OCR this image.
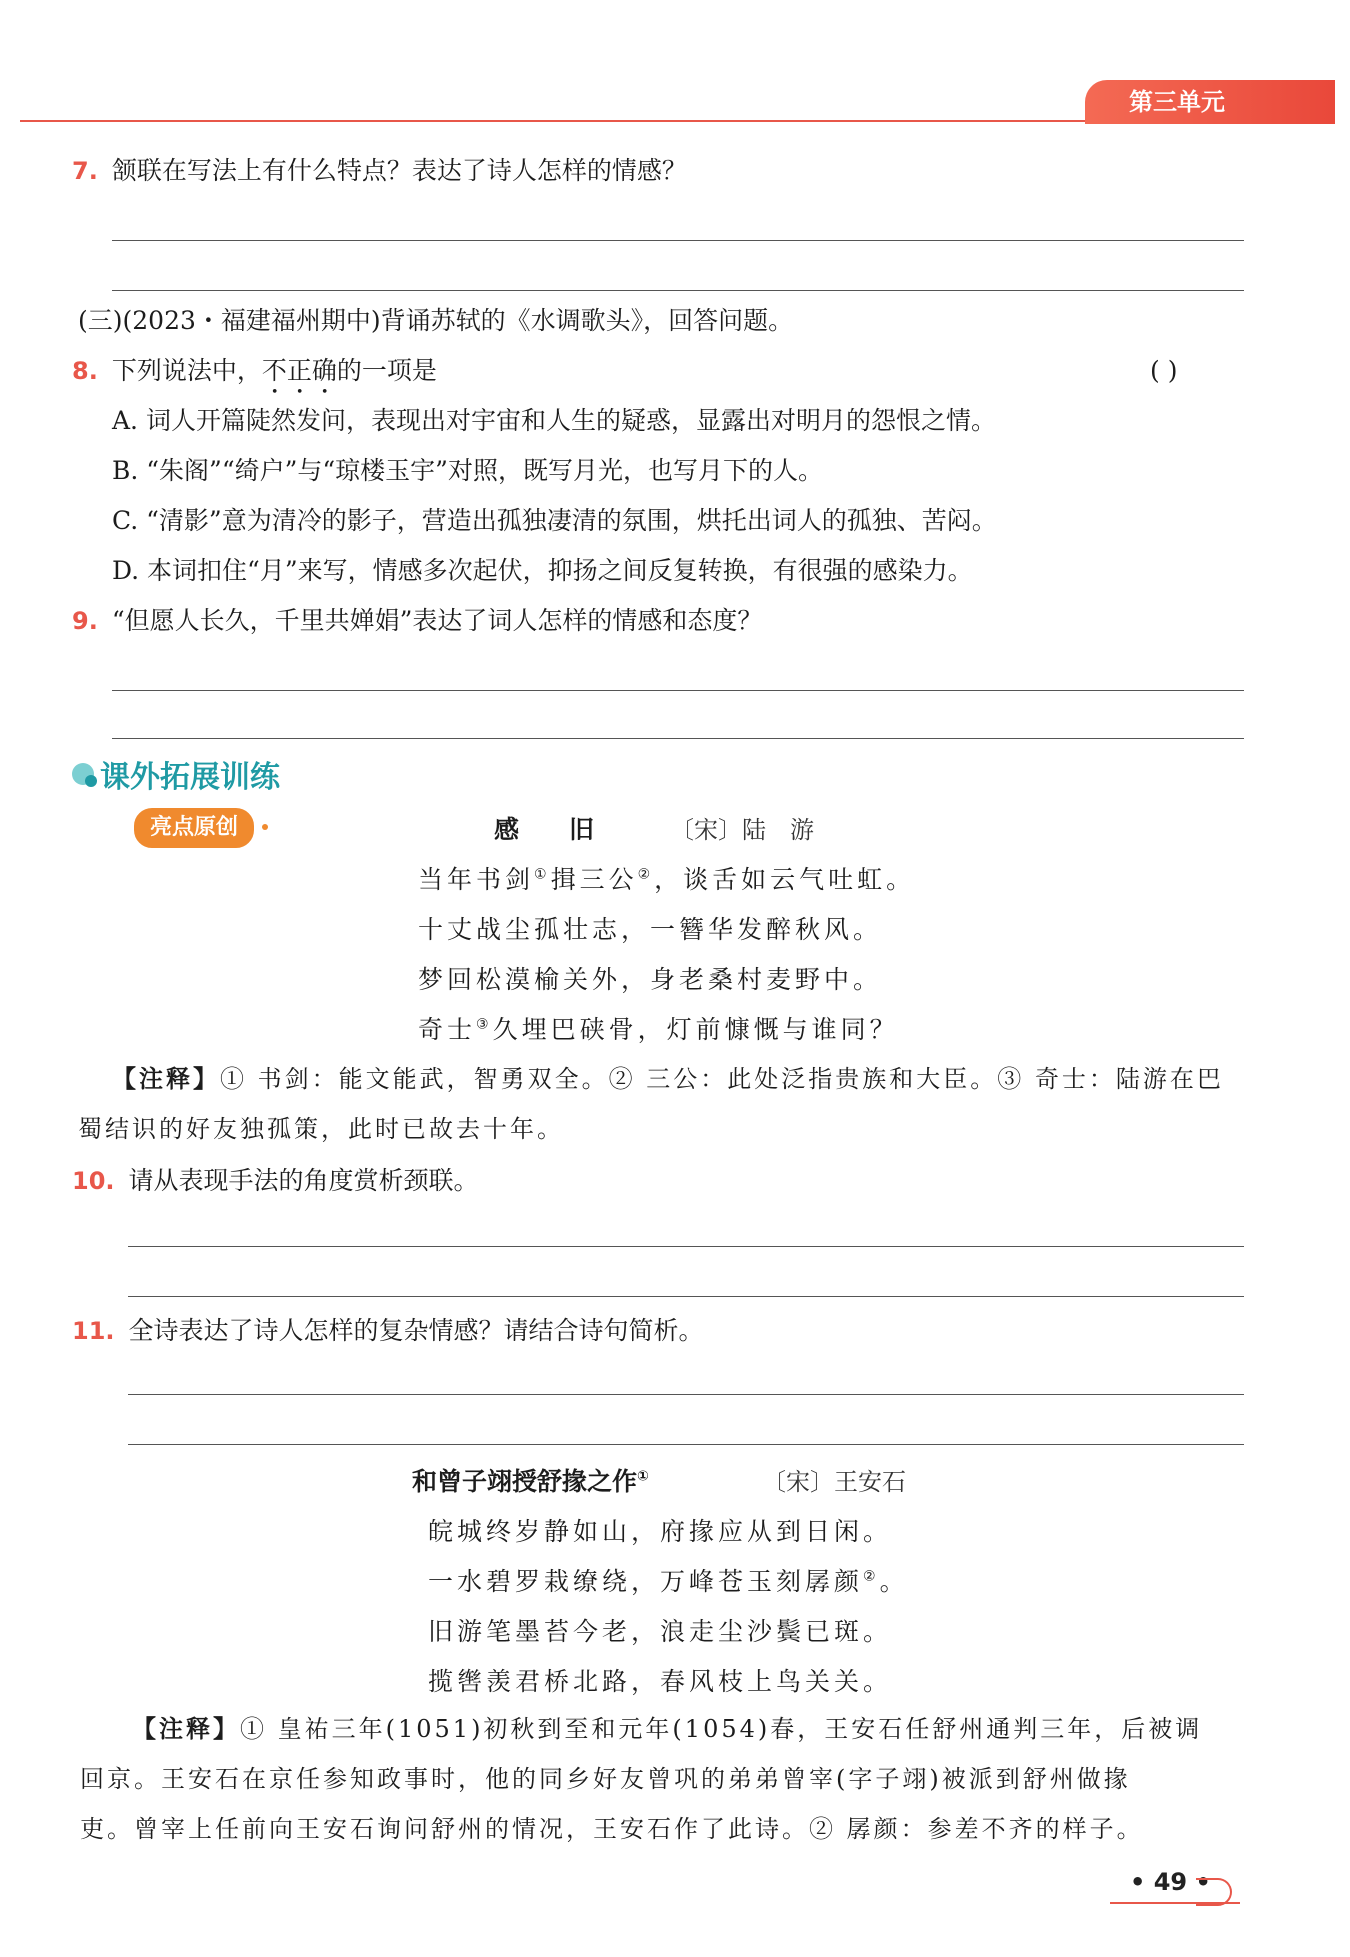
第三单元
7. 颔联在写法上有什么特点？表达了诗人怎样的情感？
(三)(2023・福建福州期中)背诵苏轼的《水调歌头》，回答问题。
8. 下列说法中，不正确的一项是	( )
A. 词人开篇陡然发问，表现出对宇宙和人生的疑惑，显露出对明月的怨恨之情。
B. “朱阁”“绮户”与“琼楼玉宇”对照，既写月光，也写月下的人。
C. “清影”意为清冷的影子，营造出孤独凄清的氛围，烘托出词人的孤独、苦闷。
D. 本词扣住“月”来写，情感多次起伏，抑扬之间反复转换，有很强的感染力。
9. “但愿人长久，千里共婵娟”表达了词人怎样的情感和态度？
课外拓展训练
亮点原创	感　　旧	〔宋〕陆　游
当年书剑①揖三公②，谈舌如云气吐虹。
十丈战尘孤壮志，一簪华发醉秋风。
梦回松漠榆关外，身老桑村麦野中。
奇士③久埋巴硖骨，灯前慷慨与谁同？
【注释】① 书剑：能文能武，智勇双全。② 三公：此处泛指贵族和大臣。③ 奇士：陆游在巴
蜀结识的好友独孤策，此时已故去十年。
10. 请从表现手法的角度赏析颈联。
11. 全诗表达了诗人怎样的复杂情感？请结合诗句简析。
和曾子翊授舒掾之作①	〔宋〕王安石
皖城终岁静如山，府掾应从到日闲。
一水碧罗栽缭绕，万峰苍玉刻孱颜②。
旧游笔墨苔今老，浪走尘沙鬓已斑。
揽辔羡君桥北路，春风枝上鸟关关。
【注释】① 皇祐三年(1051)初秋到至和元年(1054)春，王安石任舒州通判三年，后被调
回京。王安石在京任参知政事时，他的同乡好友曾巩的弟弟曾宰(字子翊)被派到舒州做掾
吏。曾宰上任前向王安石询问舒州的情况，王安石作了此诗。② 孱颜：参差不齐的样子。
• 49 •
